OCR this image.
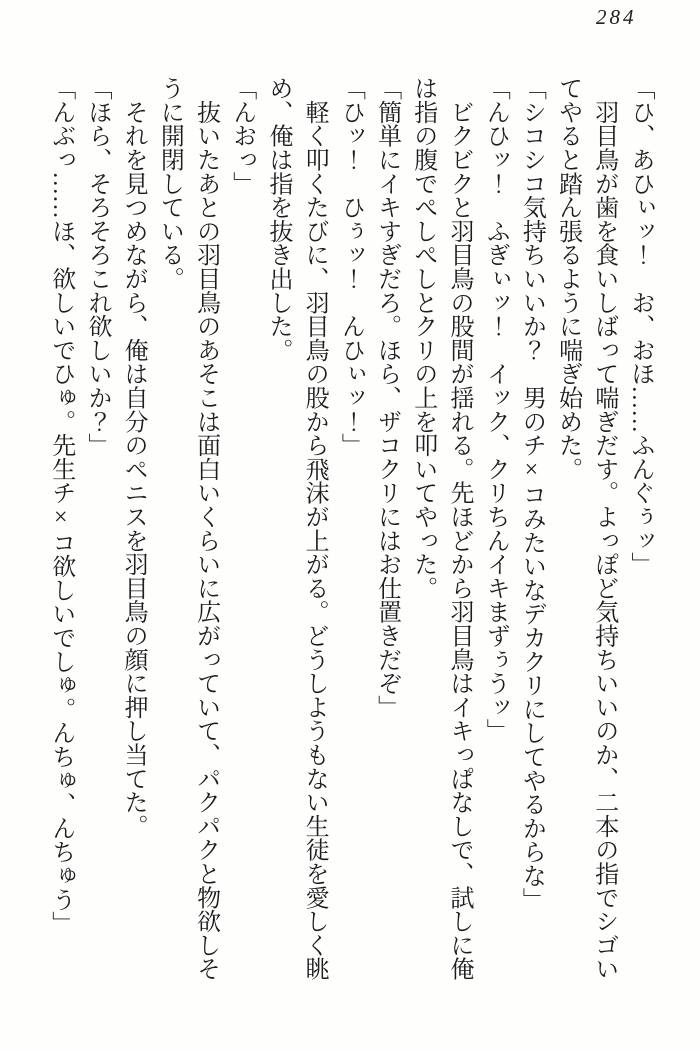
284

「ひ、あひぃッ！　お、おほ……ふんぐぅッ」

　羽目鳥が歯を食いしばって喘ぎだす。よっぽど気持ちいいのか、二本の指でシゴい

てやると踏ん張るように喘ぎ始めた。

「シコシコ気持ちいいか？　男のチ×コみたいなデカクリにしてやるからな」

「んひッ！　ふぎぃッ！　イック、クリちんイキまずぅうッ」

　ビクビクと羽目鳥の股間が揺れる。先ほどから羽目鳥はイキっぱなしで、試しに俺

は指の腹でぺしぺしとクリの上を叩いてやった。

「簡単にイキすぎだろ。ほら、ザコクリにはお仕置きだぞ」

「ひッ！　ひぅッ！　んひぃッ！」

　軽く叩くたびに、羽目鳥の股から飛沫が上がる。どうしようもない生徒を愛しく眺

め、俺は指を抜き出した。

「んおっ」

　抜いたあとの羽目鳥のあそこは面白いくらいに広がっていて、パクパクと物欲しそ

うに開閉している。

　それを見つめながら、俺は自分のペニスを羽目鳥の顔に押し当てた。

「ほら、そろそろこれ欲しいか？」

「んぶっ……ほ、欲しいでひゅ。先生チ×コ欲しいでしゅ。んちゅ、んちゅう」
